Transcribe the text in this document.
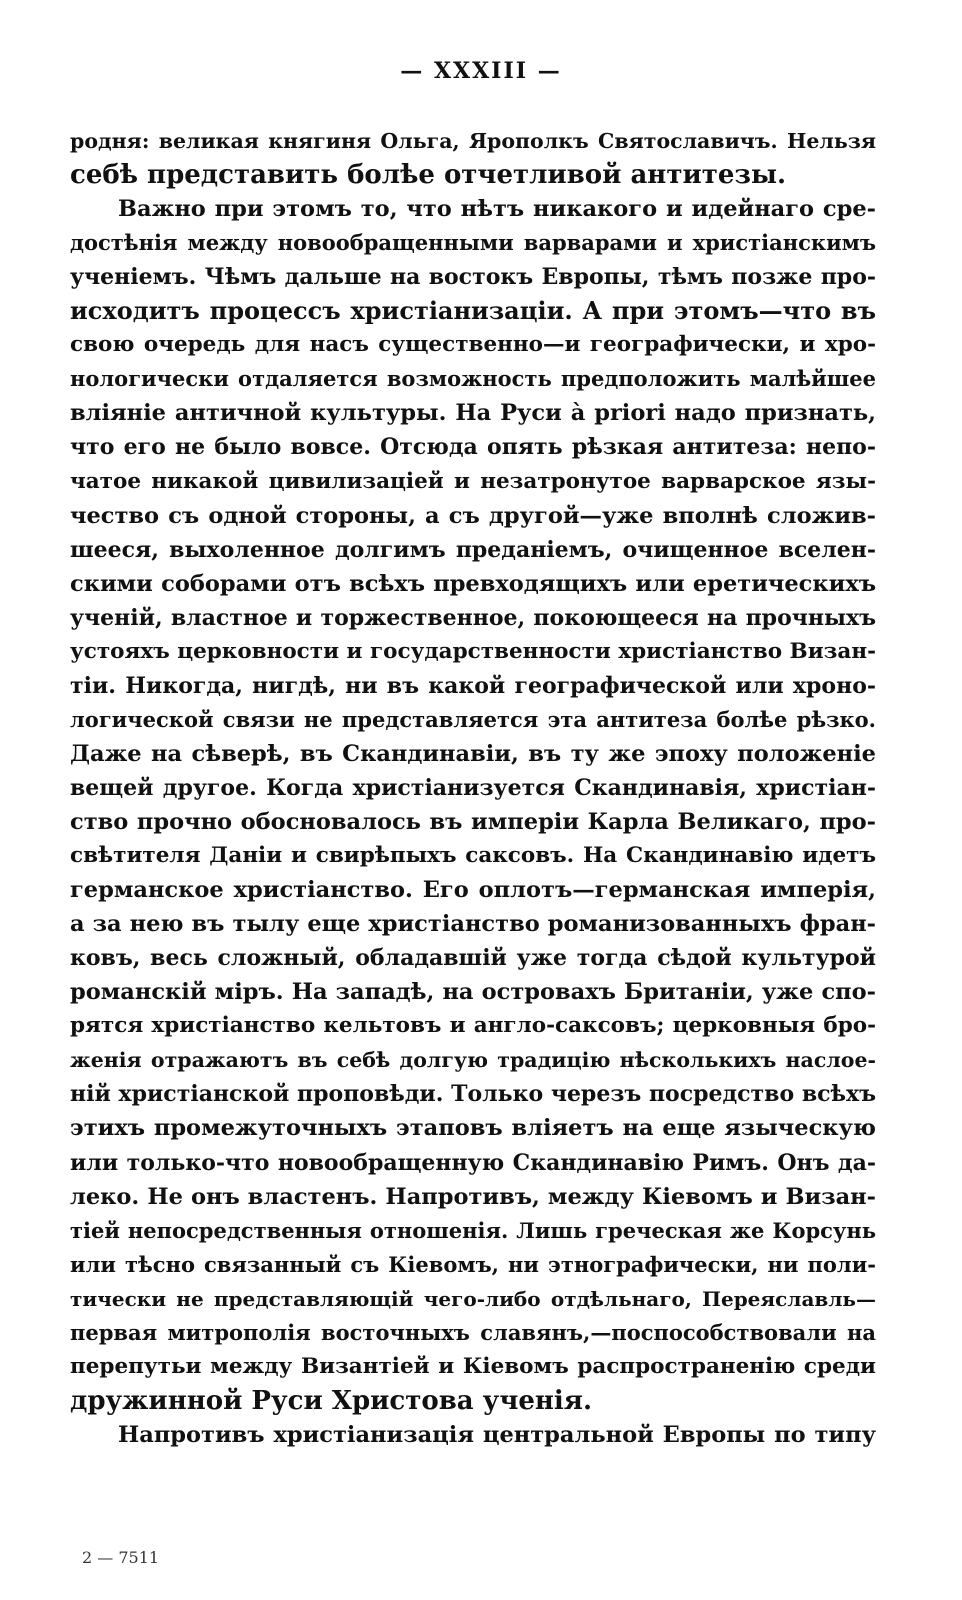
— XXXIII —
родня: великая княгиня Ольга, Ярополкъ Святославичъ. Нельзя
себѣ представить болѣе отчетливой антитезы.
Важно при этомъ то, что нѣтъ никакого и идейнаго сре-
достѣнія между новообращенными варварами и христіанскимъ
ученіемъ. Чѣмъ дальше на востокъ Европы, тѣмъ позже про-
исходитъ процессъ христіанизаціи. А при этомъ—что въ
свою очередь для насъ существенно—и географически, и хро-
нологически отдаляется возможность предположить малѣйшее
вліяніе античной культуры. На Руси à priori надо признать,
что его не было вовсе. Отсюда опять рѣзкая антитеза: непо-
чатое никакой цивилизаціей и незатронутое варварское язы-
чество съ одной стороны, а съ другой—уже вполнѣ сложив-
шееся, выхоленное долгимъ преданіемъ, очищенное вселен-
скими соборами отъ всѣхъ превходящихъ или еретическихъ
ученій, властное и торжественное, покоющееся на прочныхъ
устояхъ церковности и государственности христіанство Визан-
тіи. Никогда, нигдѣ, ни въ какой географической или хроно-
логической связи не представляется эта антитеза болѣе рѣзко.
Даже на сѣверѣ, въ Скандинавіи, въ ту же эпоху положеніе
вещей другое. Когда христіанизуется Скандинавія, христіан-
ство прочно обосновалось въ имперіи Карла Великаго, про-
свѣтителя Даніи и свирѣпыхъ саксовъ. На Скандинавію идетъ
германское христіанство. Его оплотъ—германская имперія,
а за нею въ тылу еще христіанство романизованныхъ фран-
ковъ, весь сложный, обладавшій уже тогда сѣдой культурой
романскій міръ. На западѣ, на островахъ Британіи, уже спо-
рятся христіанство кельтовъ и англо-саксовъ; церковныя бро-
женія отражаютъ въ себѣ долгую традицію нѣсколькихъ наслое-
ній христіанской проповѣди. Только черезъ посредство всѣхъ
этихъ промежуточныхъ этаповъ вліяетъ на еще языческую
или только-что новообращенную Скандинавію Римъ. Онъ да-
леко. Не онъ властенъ. Напротивъ, между Кіевомъ и Визан-
тіей непосредственныя отношенія. Лишь греческая же Корсунь
или тѣсно связанный съ Кіевомъ, ни этнографически, ни поли-
тически не представляющій чего-либо отдѣльнаго, Переяславль—
первая митрополія восточныхъ славянъ,—поспособствовали на
перепутьи между Византіей и Кіевомъ распространенію среди
дружинной Руси Христова ученія.
Напротивъ христіанизація центральной Европы по типу
2 — 7511
